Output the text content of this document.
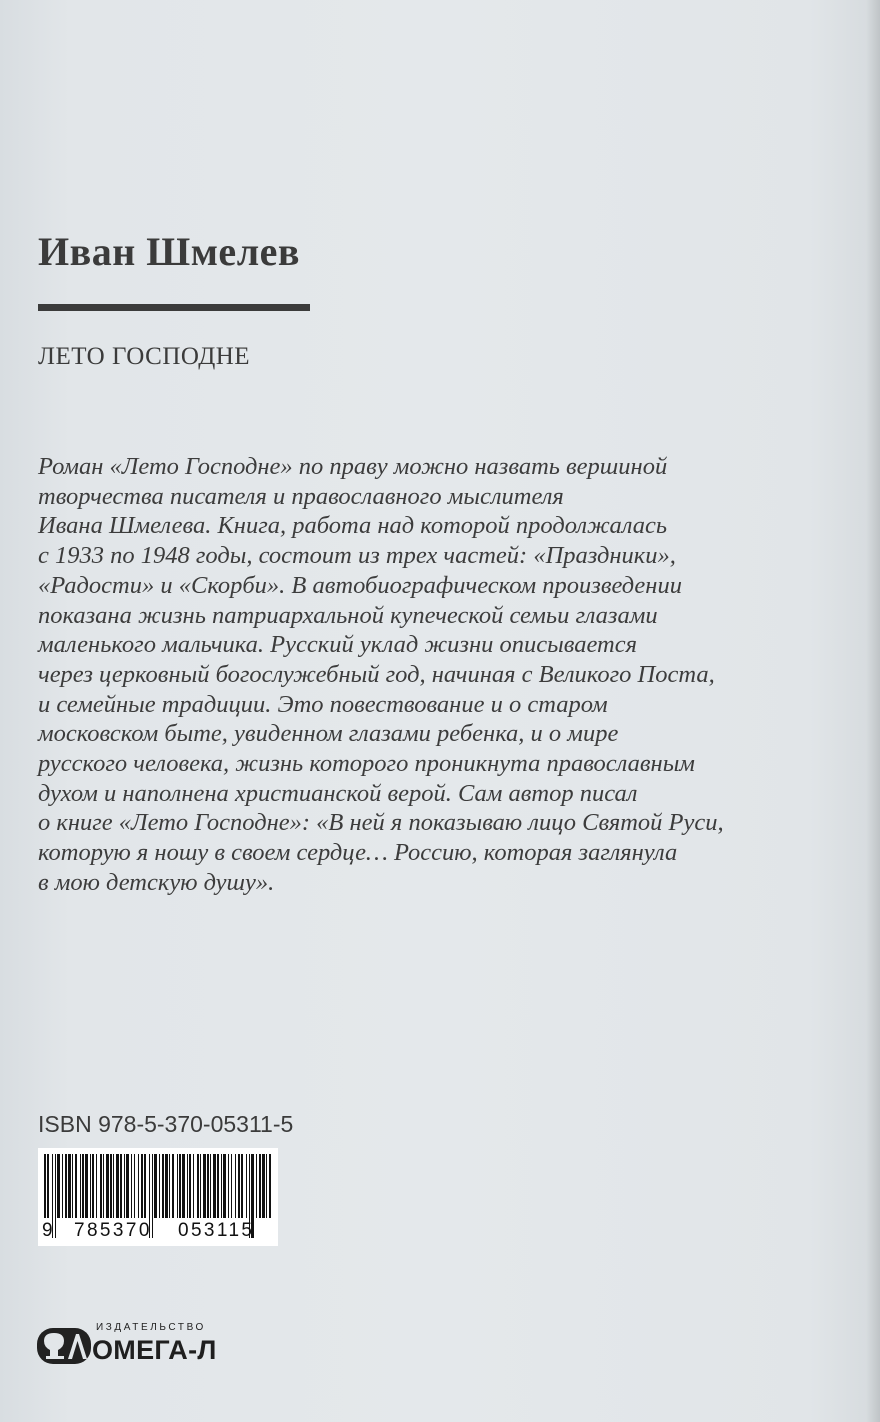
Иван Шмелев
ЛЕТО ГОСПОДНЕ
Роман «Лето Господне» по праву можно назвать вершиной
творчества писателя и православного мыслителя
Ивана Шмелева. Книга, работа над которой продолжалась
с 1933 по 1948 годы, состоит из трех частей: «Праздники»,
«Радости» и «Скорби». В автобиографическом произведении
показана жизнь патриархальной купеческой семьи глазами
маленького мальчика. Русский уклад жизни описывается
через церковный богослужебный год, начиная с Великого Поста,
и семейные традиции. Это повествование и о старом
московском быте, увиденном глазами ребенка, и о мире
русского человека, жизнь которого проникнута православным
духом и наполнена христианской верой. Сам автор писал
о книге «Лето Господне»: «В ней я показываю лицо Святой Руси,
которую я ношу в своем сердце… Россию, которая заглянула
в мою детскую душу».
ISBN 978-5-370-05311-5
9 785370 053115
ИЗДАТЕЛЬСТВО
ОМЕГА-Л
